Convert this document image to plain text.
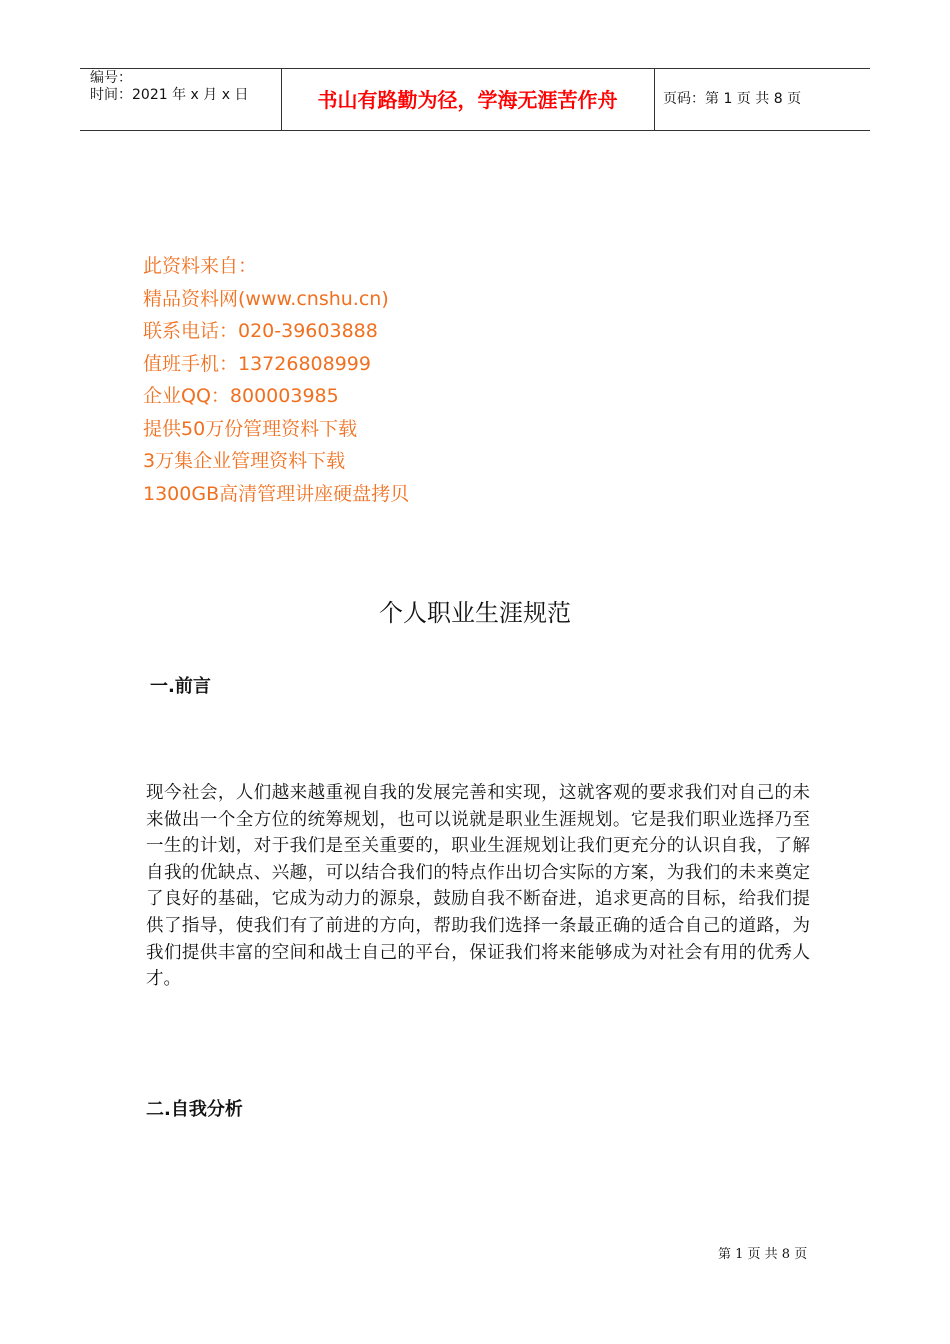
编号：
时间：2021 年 x 月 x 日	书山有路勤为径，学海无涯苦作舟	页码：第 1 页 共 8 页
此资料来自：
精品资料网(www.cnshu.cn)
联系电话：020-39603888
值班手机：13726808999
企业QQ：800003985
提供50万份管理资料下载
3万集企业管理资料下载
1300GB高清管理讲座硬盘拷贝
个人职业生涯规范
一.前言
现今社会，人们越来越重视自我的发展完善和实现，这就客观的要求我们对自己的未来做出一个全方位的统筹规划，也可以说就是职业生涯规划。它是我们职业选择乃至一生的计划，对于我们是至关重要的，职业生涯规划让我们更充分的认识自我，了解自我的优缺点、兴趣，可以结合我们的特点作出切合实际的方案，为我们的未来奠定了良好的基础，它成为动力的源泉，鼓励自我不断奋进，追求更高的目标，给我们提供了指导，使我们有了前进的方向，帮助我们选择一条最正确的适合自己的道路，为我们提供丰富的空间和战士自己的平台，保证我们将来能够成为对社会有用的优秀人才。
二.自我分析
第 1 页 共 8 页
